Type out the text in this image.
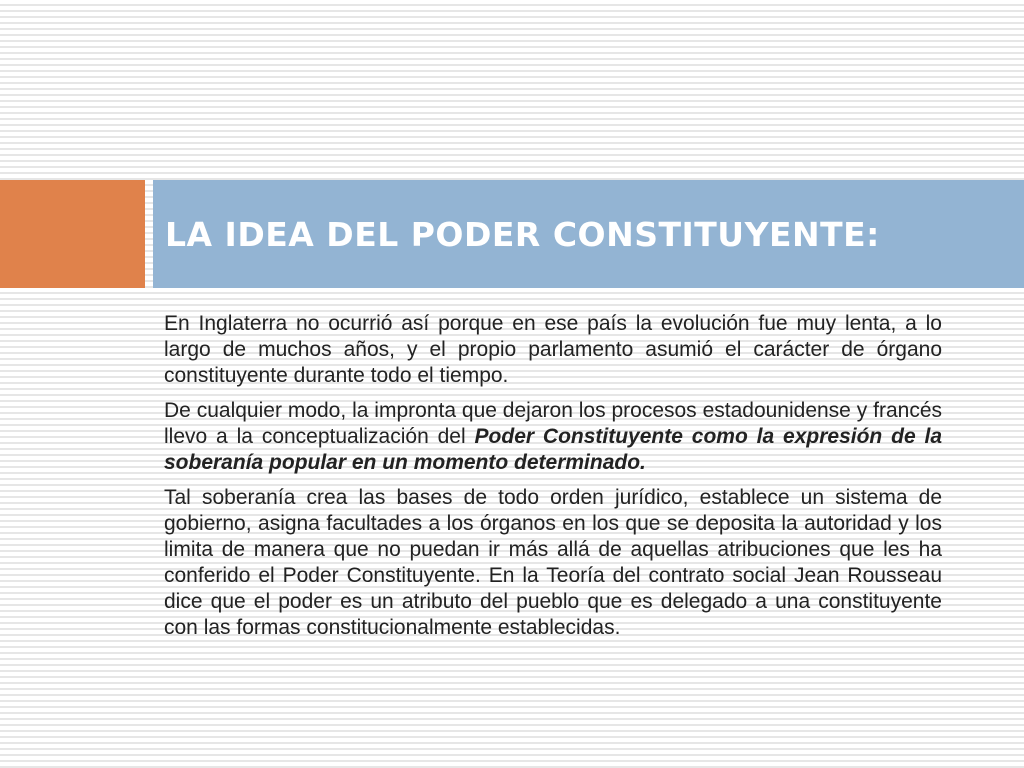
LA IDEA DEL PODER CONSTITUYENTE:

En Inglaterra no ocurrió así porque en ese país la evolución fue muy lenta, a lo largo de muchos años, y el propio parlamento asumió el carácter de órgano constituyente durante todo el tiempo.

De cualquier modo, la impronta que dejaron los procesos estadounidense y francés llevo a la conceptualización del Poder Constituyente como la expresión de la soberanía popular en un momento determinado.

Tal soberanía crea las bases de todo orden jurídico, establece un sistema de gobierno, asigna facultades a los órganos en los que se deposita la autoridad y los limita de manera que no puedan ir más allá de aquellas atribuciones que les ha conferido el Poder Constituyente. En la Teoría del contrato social Jean Rousseau dice que el poder es un atributo del pueblo que es delegado a una constituyente con las formas constitucionalmente establecidas.
